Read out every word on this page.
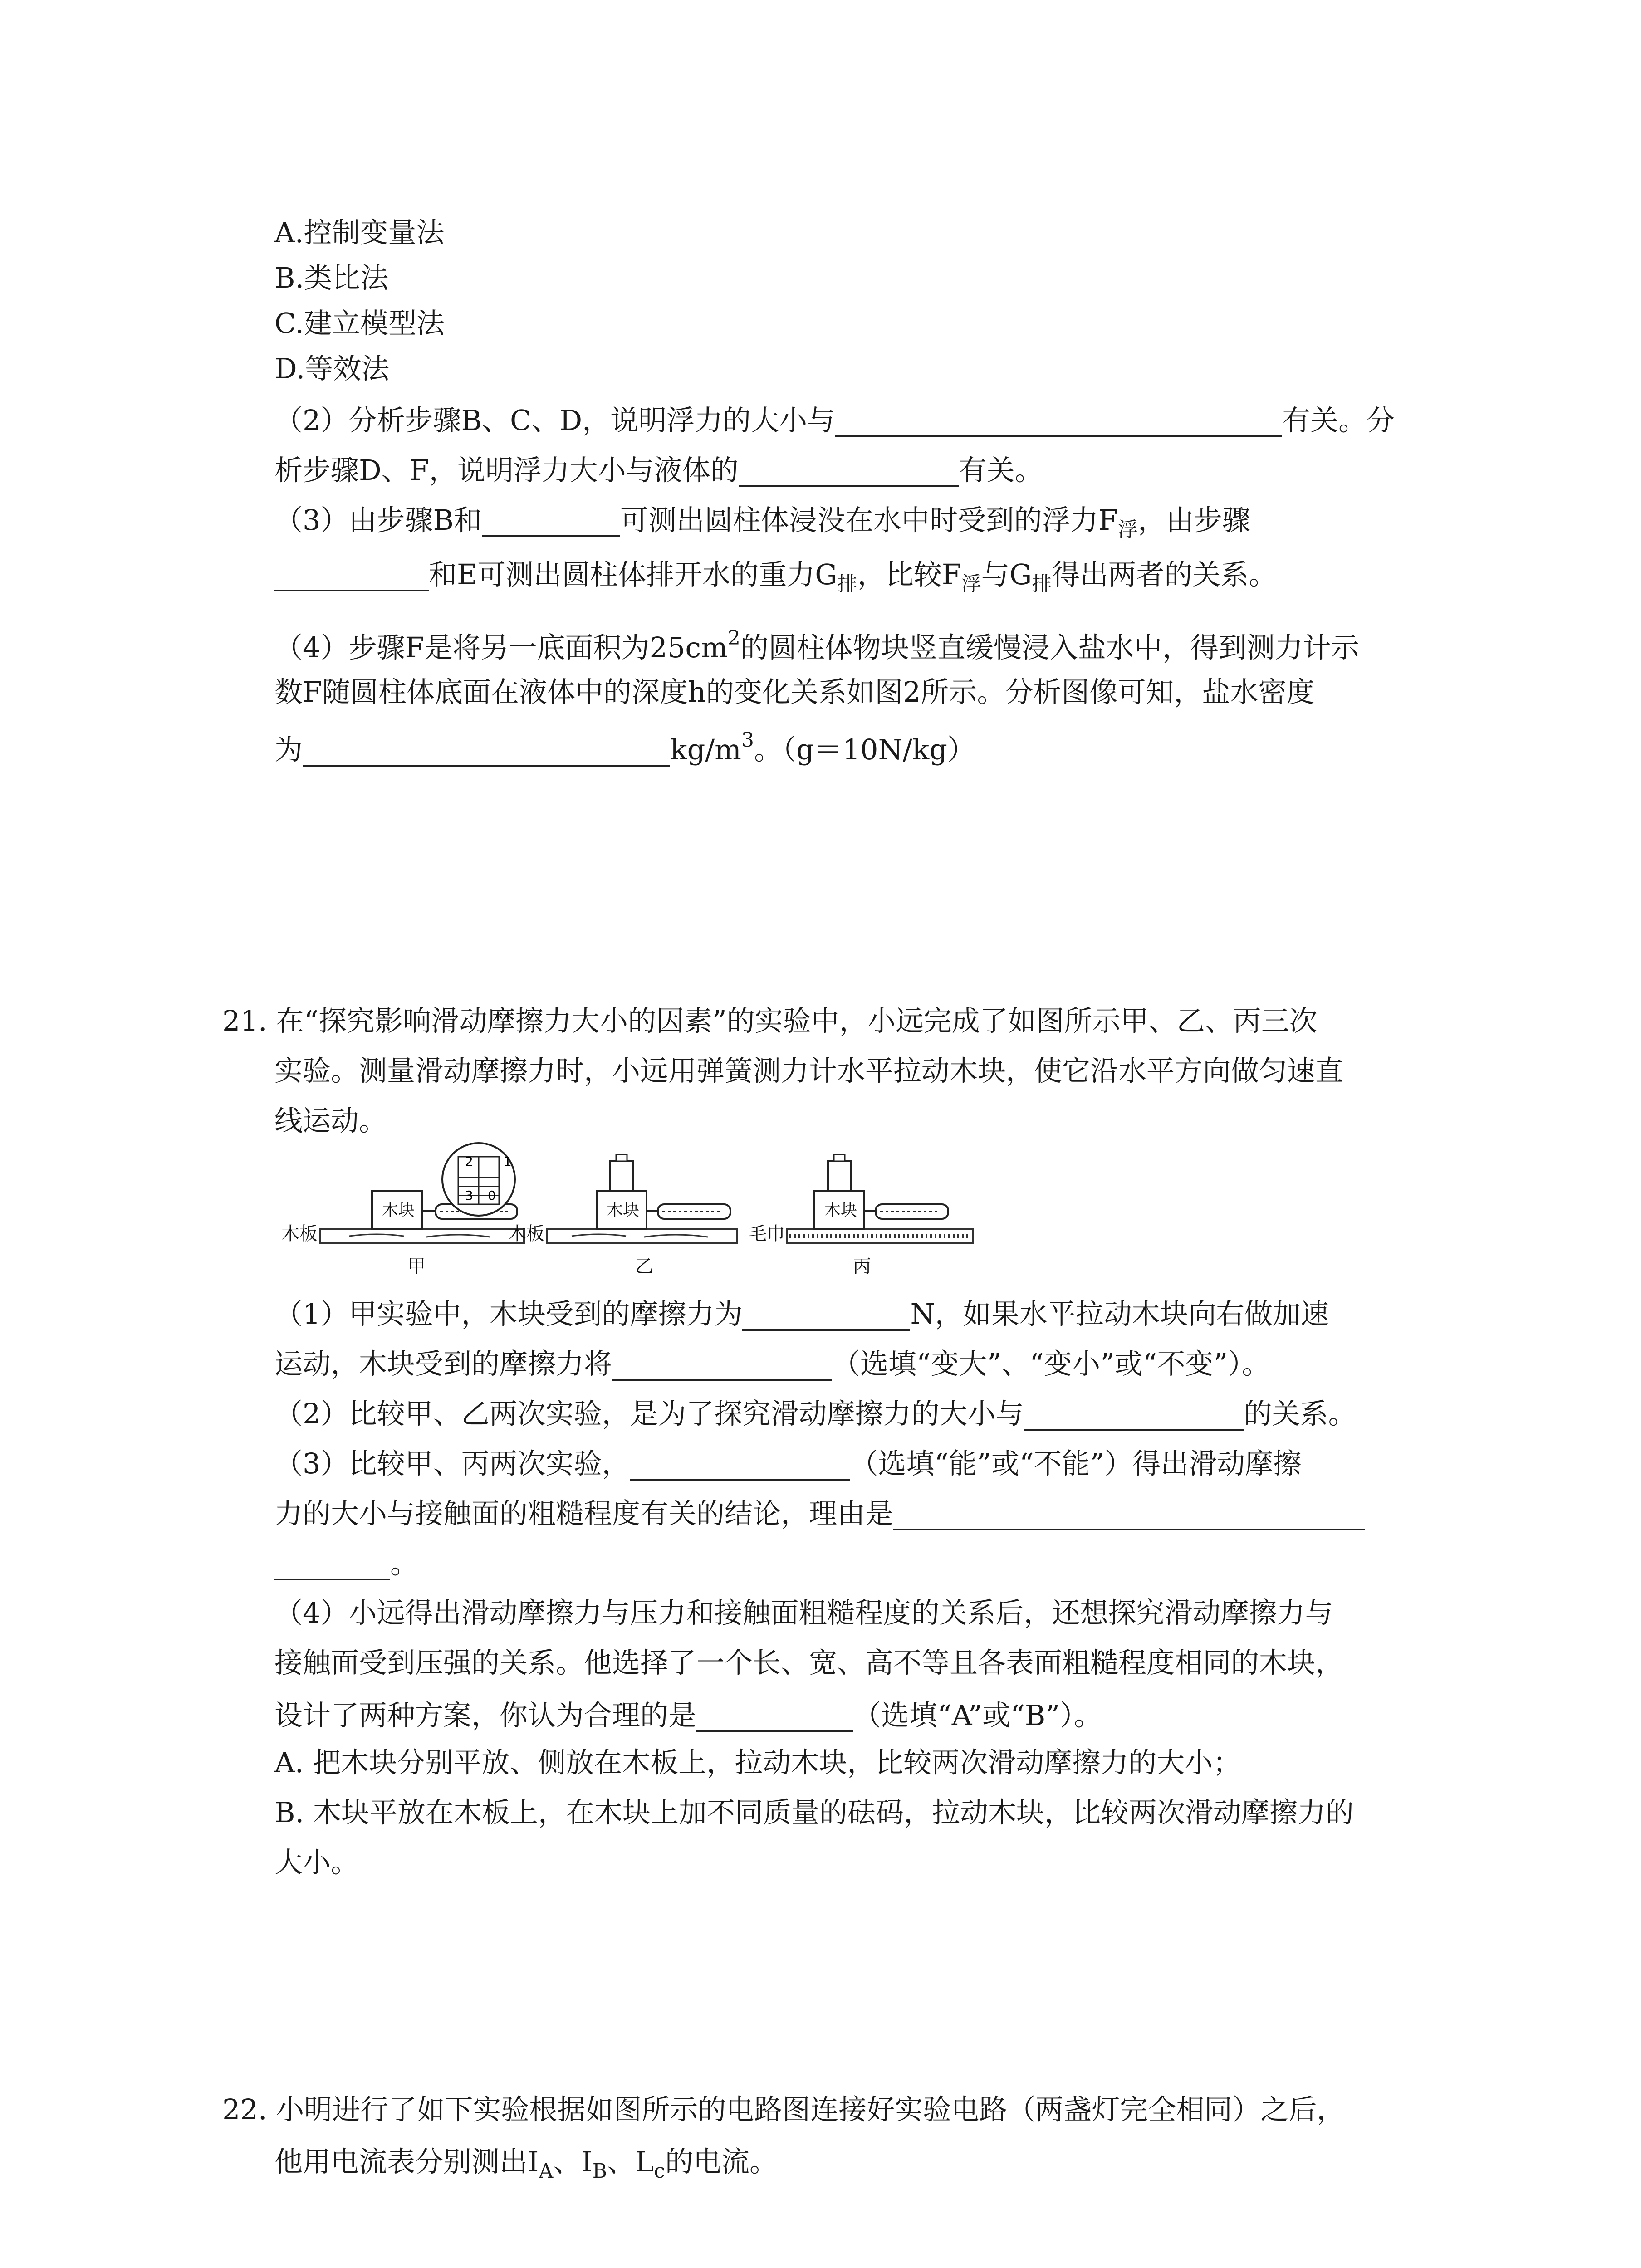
A.控制变量法
B.类比法
C.建立模型法
D.等效法
（2）分析步骤B、C、D，说明浮力的大小与	有关。分
析步骤D、F，说明浮力大小与液体的	有关。
（3）由步骤B和	可测出圆柱体浸没在水中时受到的浮力$F_浮$，由步骤
和E可测出圆柱体排开水的重力$G_排$，比较$F_浮$与$G_排$得出两者的关系。
（4）步骤F是将另一底面积为$25cm^2$的圆柱体物块竖直缓慢浸入盐水中，得到测力计示
数F随圆柱体底面在液体中的深度h的变化关系如图2所示。分析图像可知，盐水密度
为	$kg/m^3$。（g＝10N/kg）
21. 在“探究影响滑动摩擦力大小的因素”的实验中，小远完成了如图所示甲、乙、丙三次
实验。测量滑动摩擦力时，小远用弹簧测力计水平拉动木块，使它沿水平方向做匀速直
线运动。
木板
木块
2 1
3 0
甲
木板
木块
乙
毛巾
木块
丙
（1）甲实验中，木块受到的摩擦力为	N，如果水平拉动木块向右做加速
运动，木块受到的摩擦力将	（选填“变大”、“变小”或“不变”）。
（2）比较甲、乙两次实验，是为了探究滑动摩擦力的大小与	的关系。
（3）比较甲、丙两次实验，	（选填“能”或“不能”）得出滑动摩擦
力的大小与接触面的粗糙程度有关的结论，理由是
。
（4）小远得出滑动摩擦力与压力和接触面粗糙程度的关系后，还想探究滑动摩擦力与
接触面受到压强的关系。他选择了一个长、宽、高不等且各表面粗糙程度相同的木块，
设计了两种方案，你认为合理的是	（选填“A”或“B”）。
A. 把木块分别平放、侧放在木板上，拉动木块，比较两次滑动摩擦力的大小；
B. 木块平放在木板上，在木块上加不同质量的砝码，拉动木块，比较两次滑动摩擦力的
大小。
22. 小明进行了如下实验根据如图所示的电路图连接好实验电路（两盏灯完全相同）之后，
他用电流表分别测出$I_A$、$I_B$、$L_c$的电流。
